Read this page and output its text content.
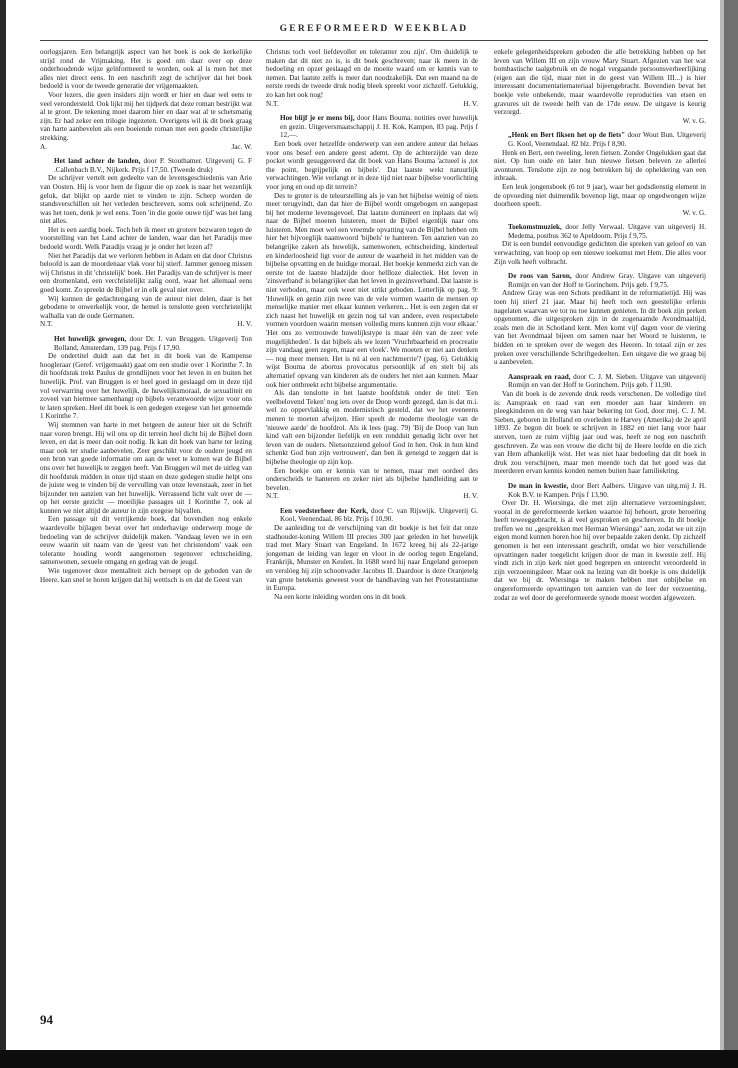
GEREFORMEERD WEEKBLAD

oorlogsjaren. Een belangrijk aspect van het boek is ook de kerkelijke strijd rond de Vrijmaking. Het is goed om daar over op deze onderhoudende wijze geïnformeerd te worden, ook al is men het met alles niet direct eens. In een naschrift zegt de schrijver dat het boek bedoeld is voor de tweede generatie der vrijgemaakten.

Voor lezers, die geen insiders zijn wordt er hier en daar wel eens te veel verondersteld. Ook lijkt mij het tijdperk dat deze roman bestrijkt wat al te groot. De tekening moet daarom hier en daar wat al te schetsmatig zijn. Er had zeker een trilogie ingezeten. Overigens wil ik dit boek graag van harte aanbevelen als een boeiende roman met een goede christelijke strekking.

A.	Jac. W.
Het land achter de landen, door P. Stouthamer. Uitgeverij G. F .Callenbach B.V., Nijkerk. Prijs f 17,50. (Tweede druk)

De schrijver vertelt een gedeelte van de levensgeschiedenis van Arie van Oosten. Hij is voor hem de figuur die op zoek is naar het wezenlijk geluk, dat blijkt op aarde niet te vinden te zijn. Scherp worden de standsverschillen uit het verleden beschreven, soms ook schrijnend. Zo was het toen, denk je wel eens. Toen 'in die goeie ouwe tijd' was het lang niet alles.

Het is een aardig boek. Toch heb ik meer en grotere bezwaren tegen de voorstelling van het Land achter de landen, waar dan het Paradijs mee bedoeld wordt. Welk Paradijs vraag je je onder het lezen af?

Niet het Paradijs dat we verloren hebben in Adam en dat door Christus beloofd is aan de moordenaar vlak voor hij stierf. Jammer genoeg missen wij Christus in dit 'christelijk' boek. Het Paradijs van de schrijver is meer een dromenland, een verchristelijkt zalig oord, waar het allemaal eens goed komt. Zo spreekt de Bijbel er in elk geval niet over.

Wij kunnen de gedachtengang van de auteur niet delen, daar is het gebodene te onwerkelijk voor, de hemel is tenslotte geen verchristelijkt walhalla van de oude Germanen.

N.T.	H. V.
Het huwelijk gewogen, door Dr. J. van Bruggen. Uitgeverij Ton Bolland, Amsterdam, 139 pag. Prijs f 17,90.

De ondertitel duidt aan dat het in dit boek van de Kampense hoogleraar (Geref. vrijgemaakt) gaat om een studie over 1 Korinthe 7. In dit hoofdstuk trekt Paulus de grondlijnen voor het leven in en buiten het huwelijk. Prof. van Bruggen is er heel goed in geslaagd om in deze tijd vol verwarring over het huwelijk, de huwelijksmoraal, de sexualiteit en zoveel van hiermee samenhangt op bijbels verantwoorde wijze voor ons te laten spreken. Heel dit boek is een gedegen exegese van het genoemde 1 Korinthe 7.

Wij stemmen van harte in met hetgeen de auteur hier uit de Schrift naar voren brengt. Hij wil ons op dit terrein heel dicht bij de Bijbel doen leven, en dat is meer dan ooit nodig. Ik kan dit boek van harte ter lezing maar ook ter studie aanbevelen. Zeer geschikt voor de oudere jeugd en een bron van goede informatie om aan de weet te komen wat de Bijbel ons over het huwelijk te zeggen heeft. Van Bruggen wil met de uitleg van dit hoofdstuk midden in onze tijd staan en deze gedegen studie helpt ons de juiste weg te vinden bij de vervulling van onze levenstaak, zeer in het bijzonder ten aanzien van het huwelijk. Verrassend licht valt over de — op het eerste gezicht — moeilijke passages uit 1 Korinthe 7, ook al kunnen we niet altijd de auteur in zijn exegese bijvallen.

Een passage uit dit verrijkende boek, dat bovendien nog enkele waardevolle bijlagen bevat over het onderhavige onderwerp moge de bedoeling van de schrijver duidelijk maken. 'Vandaag leven we in een eeuw waarin uit naam van de 'geest van het christendom' vaak een tolerante houding wordt aangenomen tegenover echtscheiding, samenwonen, sexuele omgang en gedrag van de jeugd.

Wie tegenover deze mentaliteit zich beroept op de geboden van de Heere, kan snel te horen krijgen dat hij wettisch is en dat de Geest van

Christus toch veel liefdevoller en toleranter zou zijn'. Om duidelijk te maken dat dit niet zo is, is dit boek geschreven; naar ik meen in de bedoeling en opzet geslaagd en de moeite waard om er kennis van te nemen. Dat laatste zelfs is meer dan noodzakelijk. Dat een maand na de eerste reeds de tweede druk nodig bleek spreekt voor zichzelf. Gelukkig, zo kan het ook nog!

N.T.	H. V.
Hoe blijf je er mens bij, door Hans Bouma. notities over huwelijk en gezin. Uitgeversmaatschappij J. H. Kok, Kampen, 83 pag. Prijs f 12,—.

Een boek over hetzelfde onderwerp van een andere auteur dat helaas voor ons besef een andere geest ademt. Op de achterzijde van deze pocket wordt gesuggereerd dat dit boek van Hans Bouma 'actueel is ,tot the point, begrijpelijk en bijbels'. Dat laatste wekt natuurlijk verwachtingen. Wie verlangt er in deze tijd niet naar bijbelse voorlichting voor jong en oud op dit terrein?

Des te groter is de teleurstelling als je van het bijbelse weinig of niets meer terugvindt, dan dat hier de Bijbel wordt omgebogen en aangepast bij het moderne levensgevoel. Dat laatste domineert en inplaats dat wij naar de Bijbel moeten luisteren, moet de Bijbel eigenlijk naar ons luisteren. Men moet wel een vreemde opvatting van de Bijbel hebben om hier het bijvoeglijk naamwoord 'bijbels' te hanteren. Ten aanzien van zo belangrijke zaken als huwelijk, samenwonen, echtscheiding, kinderteal en kinderloosheid ligt voor de auteur de waarheid in het midden van de bijbelse opvatting en de huidige moraal. Het boekje kenmerkt zich van de eerste tot de laatste bladzijde door hellloze dialectiek. Het leven in 'zinsverband' is belangrijker dan het leven in gezinsverband. Dat laatste is niet verboden, maar ook weer niet strikt geboden. Letterlijk op pag. 9: 'Huwelijk en gezin zijn twee van de vele vormen waarin de mensen op menselijke manier met elkaar kunnen verkeren... Het is een zegen dat er zich naast het huwelijk en gezin nog tal van andere, even respectabele vormen voordoen waarin mensen volledig mens kunnen zijn voor elkaar.' 'Het ons zo vertrouwde huwelijkstype is maar één van de zeer vele mogelijkheden'. Is dat bijbels als we lezen 'Vruchtbaarheid en procreatie zijn vandaag geen zegen, maar een vloek'. We moeten er niet aan denken — nog meer mensen. Het is nú al een nachtmerrie'? (pag. 6). Gelukkig wijst Bouma de abortus provocatus persoonlijk af en stelt bij als alternatief opvang van kinderen als de ouders het niet aan kunnen. Maar ook hier ontbreekt echt bijbelse argumentatie.

Als dan tenslotte in het laatste hoofdstuk onder de titel: 'Een veelbelovend Teken' nog iets over de Doop wordt gezegd, dan is dat m.i. wel zo oppervlakkig en modernistisch gesteld, dat we het eveneens menen te moeten afwijzen. Hier speelt de moderne theologie van de 'nieuwe aarde' de hoofdrol. Als ik lees (pag. 79) 'Bij de Doop van hun kind valt een bijzonder liefelijk en een rondduit genadig licht over het leven van de ouders. Nietsonzziend geloof God in hen. Ook in hun kind schenkt God hun zijn vertrouwen', dan ben ik geneigd te zeggen dat is bijbelse theologie op zijn kop.

Een boekje om er kennis van te nemen, maar met oordeel des onderscheids te hanteren en zeker niet als bijbelse handleiding aan te bevelen.

N.T.	H. V.
Een voedsterheer der Kerk, door C. van Rijswijk. Uitgeverij G. Kool, Veenendaal, 86 blz. Prijs f 10,90.

De aanleiding tot de verschijning van dit boekje is het feit dat onze stadhouder-koning Willem III precies 300 jaar geleden in het huwelijk trad met Mary Stuart van Engeland. In 1672 kreeg hij als 22-jarige jongeman de leiding van leger en vloot in de oorlog tegen Engeland, Frankrijk, Munster en Keulen. In 1688 werd hij naar Engeland geroepen en verslóeg hij zijn schoonvader Jacobus II. Daardoor is deze Oranjetelg van grote betekenis geweest voor de handhaving van het Protestantisme in Europa.

Na een korte inleiding worden ons in dit boek

enkele gelegenheidspreken geboden die alle betrekking hebben op het leven van Willem III en zijn vrouw Mary Stuart. Afgezien van het wat bombastische taalgebruik en de nogal vergaande persoonsverheerlijking (eigen aan die tijd, maar niet in de geest van Willem III...) is hier interessant documentatiemateriaal bijeengebracht. Bovendien bevat het boekje vele onbekende, maar waardevolle reproducties van etsen en gravures uit de tweede helft van de 17de eeuw. De uitgave is keurig verzorgd.

W. v. G.
„Henk en Bert fiksen het op de fiets" door Wout Bun. Uitgeverij G. Kool, Veenendaal. 82 blz. Prijs f 8,90.

Henk en Bert, een tweeling, leren fietsen. Zonder Ongelukken gaat dat niet. Op hun oude en later hun nieuwe fietsen beleven ze allerlei avonturen. Tenslotte zijn ze nog betrokken bij de opheldering van een inbraak.

Een leuk jongensboek (6 tot 9 jaar), waar het godsdienstig element in de opvoeding niet duimendik bovenop ligt, maar op ongedwongen wijze doorheen speelt.

W. v. G.
Toekomstmuziek, door Jelly Verwaal. Uitgave van uitgeverij H. Medema, postbus 362 te Apeldoorn. Prijs f 9,75.

Dit is een bundel eenvoudige gedichten die spreken van geloof en van verwachting, van hoop op een nieuwe toekomst met Hem. Die alles voor Zijn volk heeft volbracht.

De roos van Saron, door Andrew Gray. Uitgave van uitgeverij Romijn en van der Hoff te Gorinchem. Prijs geb. f 9,75.

Andrew Gray was een Schots predikant in de reformatietijd. Hij was toen hij stierf 21 jaar. Maar hij heeft toch een geestelijke erfenis nagelaten waarvan we tot nu toe kunnen genieten. In dit boek zijn preken opgenomen, die uitgesproken zijn in de zogenaamde Avondmaaltijd, zoals men die in Schotland kent. Men komt vijf dagen voor de viering van het Avondmaal bijeen om samen naar het Woord te luisteren, te bidden en te spreken over de wegen des Heeren. In totaal zijn er zes preken over verschillende Schriftgedeelten. Een uitgave die we graag bij u aanbevelen.

Aanspraak en raad, door C. J. M. Sieben. Uitgave van uitgeverij Romijn en van der Hoff te Gorinchem. Prijs geb. f 11,90.

Van dit boek is de zevende druk reeds verschenen. De volledige titel is: Aanspraak en raad van een moeder aan haar kinderen en pleegkinderen en de weg van haar bekering tot God, door mej. C. J. M. Sieben, geboren in Holland en overleden te Harvey (Amerika) de 2e april 1893. Ze begon dit boek te schrijven in 1882 en niet lang voor haar sterven, toen ze ruim vijftig jaar oud was, heeft ze nog een naschrift geschreven. Ze was een vrouw die dicht bij de Heere leefde en die zich van Hem afhankelijk wist. Het was niet haar bedoeling dat dit boek in druk zou verschijnen, maar men meende toch dat het goed was dat meerderen ervan kennis konden nemen buiten haar familiekring.

De man in kwestie, door Bert Aalbers. Uitgave van uitg.mij J. H. Kok B.V. te Kampen. Prijs f 13,90.

Over Dr. H. Wiersinga, die met zijn alternatieve verzoeningsleer, vooral in de gereformeerde kerken waartoe hij behoort, grote beroering heeft teweeggebracht, is al veel gesproken en geschreven. In dit boekje treffen we nu „gesprekken met Herman Wiersinga" aan, zodat we uit zijn eigen mond kunnen horen hoe hij over bepaalde zaken denkt. Op zichzelf genomen is het een interessant geschrift, omdat we hier verschillende opvattingen nader toegelicht krijgen door de man in kwestie zelf. Hij vindt zich in zijn kerk niet goed begrepen en onterecht veroordeeld in zijn verzoeningsleer. Maar ook na lezing van dit boekje is ons duidelijk dat we bij dr. Wiersinga te maken hebben met onbijbelse en ongereformeerde opvattingen ten aanzien van de leer der verzoening, zodat ze wel door de gereformeerde synode moest worden afgewezen.

94
